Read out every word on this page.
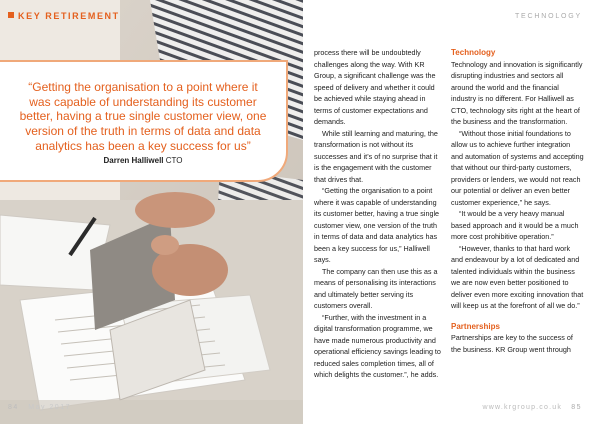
KEY RETIREMENT
“Getting the organisation to a point where it was capable of understanding its customer better, having a true single customer view, one version of the truth in terms of data and data analytics has been a key success for us”
Darren Halliwell CTO
84 May 2017
TECHNOLOGY

process there will be undoubtedly challenges along the way. With KR Group, a significant challenge was the speed of delivery and whether it could be achieved while staying ahead in terms of customer expectations and demands.

While still learning and maturing, the transformation is not without its successes and it’s of no surprise that it is the engagement with the customer that drives that.

“Getting the organisation to a point where it was capable of understanding its customer better, having a true single customer view, one version of the truth in terms of data and data analytics has been a key success for us,” Halliwell says.

The company can then use this as a means of personalising its interactions and ultimately better serving its customers overall.

“Further, with the investment in a digital transformation programme, we have made numerous productivity and operational efficiency savings leading to reduced sales completion times, all of which delights the customer.”, he adds.

Technology

Technology and innovation is significantly disrupting industries and sectors all around the world and the financial industry is no different. For Halliwell as CTO, technology sits right at the heart of the business and the transformation.

“Without those initial foundations to allow us to achieve further integration and automation of systems and accepting that without our third-party customers, providers or lenders, we would not reach our potential or deliver an even better customer experience,” he says.

“It would be a very heavy manual based approach and it would be a much more cost prohibitive operation.”

“However, thanks to that hard work and endeavour by a lot of dedicated and talented individuals within the business we are now even better positioned to deliver even more exciting innovation that will keep us at the forefront of all we do.”

Partnerships

Partnerships are key to the success of the business. KR Group went through

www.krgroup.co.uk 85
